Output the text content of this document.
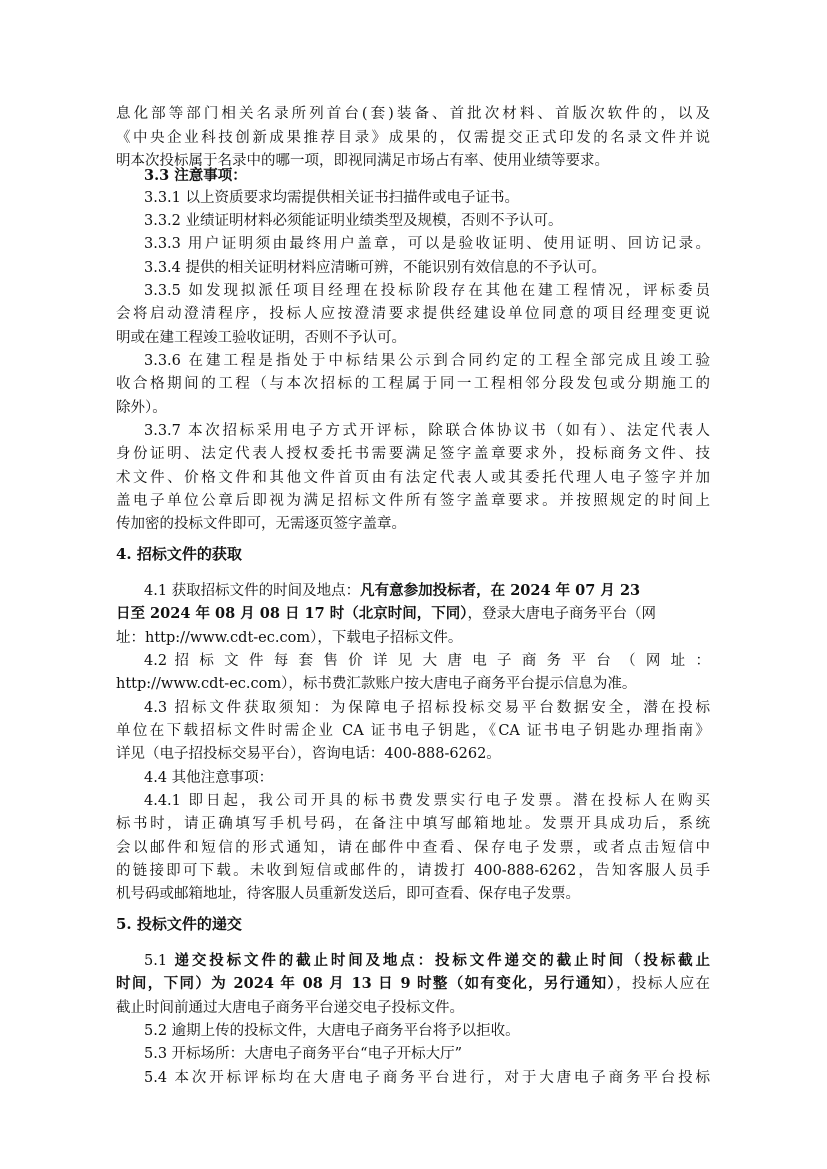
息化部等部门相关名录所列首台(套)装备、首批次材料、首版次软件的，以及
《中央企业科技创新成果推荐目录》成果的，仅需提交正式印发的名录文件并说
明本次投标属于名录中的哪一项，即视同满足市场占有率、使用业绩等要求。
3.3 注意事项：
3.3.1 以上资质要求均需提供相关证书扫描件或电子证书。
3.3.2 业绩证明材料必须能证明业绩类型及规模，否则不予认可。
3.3.3 用户证明须由最终用户盖章，可以是验收证明、使用证明、回访记录。
3.3.4 提供的相关证明材料应清晰可辨，不能识别有效信息的不予认可。
3.3.5 如发现拟派任项目经理在投标阶段存在其他在建工程情况，评标委员
会将启动澄清程序，投标人应按澄清要求提供经建设单位同意的项目经理变更说
明或在建工程竣工验收证明，否则不予认可。
3.3.6 在建工程是指处于中标结果公示到合同约定的工程全部完成且竣工验
收合格期间的工程（与本次招标的工程属于同一工程相邻分段发包或分期施工的
除外）。
3.3.7 本次招标采用电子方式开评标，除联合体协议书（如有）、法定代表人
身份证明、法定代表人授权委托书需要满足签字盖章要求外，投标商务文件、技
术文件、价格文件和其他文件首页由有法定代表人或其委托代理人电子签字并加
盖电子单位公章后即视为满足招标文件所有签字盖章要求。并按照规定的时间上
传加密的投标文件即可，无需逐页签字盖章。
4. 招标文件的获取
4.1 获取招标文件的时间及地点：凡有意参加投标者，在 2024 年 07 月 23
日至 2024 年 08 月 08 日 17 时（北京时间，下同），登录大唐电子商务平台（网
址：http://www.cdt-ec.com），下载电子招标文件。
4.2 招 标 文 件 每 套 售 价 详 见 大 唐 电 子 商 务 平 台 （ 网 址 ：
http://www.cdt-ec.com），标书费汇款账户按大唐电子商务平台提示信息为准。
4.3 招标文件获取须知：为保障电子招标投标交易平台数据安全，潜在投标
单位在下载招标文件时需企业 CA 证书电子钥匙，《CA 证书电子钥匙办理指南》
详见（电子招投标交易平台），咨询电话：400-888-6262。
4.4 其他注意事项：
4.4.1 即日起，我公司开具的标书费发票实行电子发票。潜在投标人在购买
标书时，请正确填写手机号码，在备注中填写邮箱地址。发票开具成功后，系统
会以邮件和短信的形式通知，请在邮件中查看、保存电子发票，或者点击短信中
的链接即可下载。未收到短信或邮件的，请拨打 400-888-6262，告知客服人员手
机号码或邮箱地址，待客服人员重新发送后，即可查看、保存电子发票。
5. 投标文件的递交
5.1 递交投标文件的截止时间及地点：投标文件递交的截止时间（投标截止
时间，下同）为 2024 年 08 月 13 日 9 时整（如有变化，另行通知），投标人应在
截止时间前通过大唐电子商务平台递交电子投标文件。
5.2 逾期上传的投标文件，大唐电子商务平台将予以拒收。
5.3 开标场所：大唐电子商务平台“电子开标大厅”
5.4 本次开标评标均在大唐电子商务平台进行，对于大唐电子商务平台投标
